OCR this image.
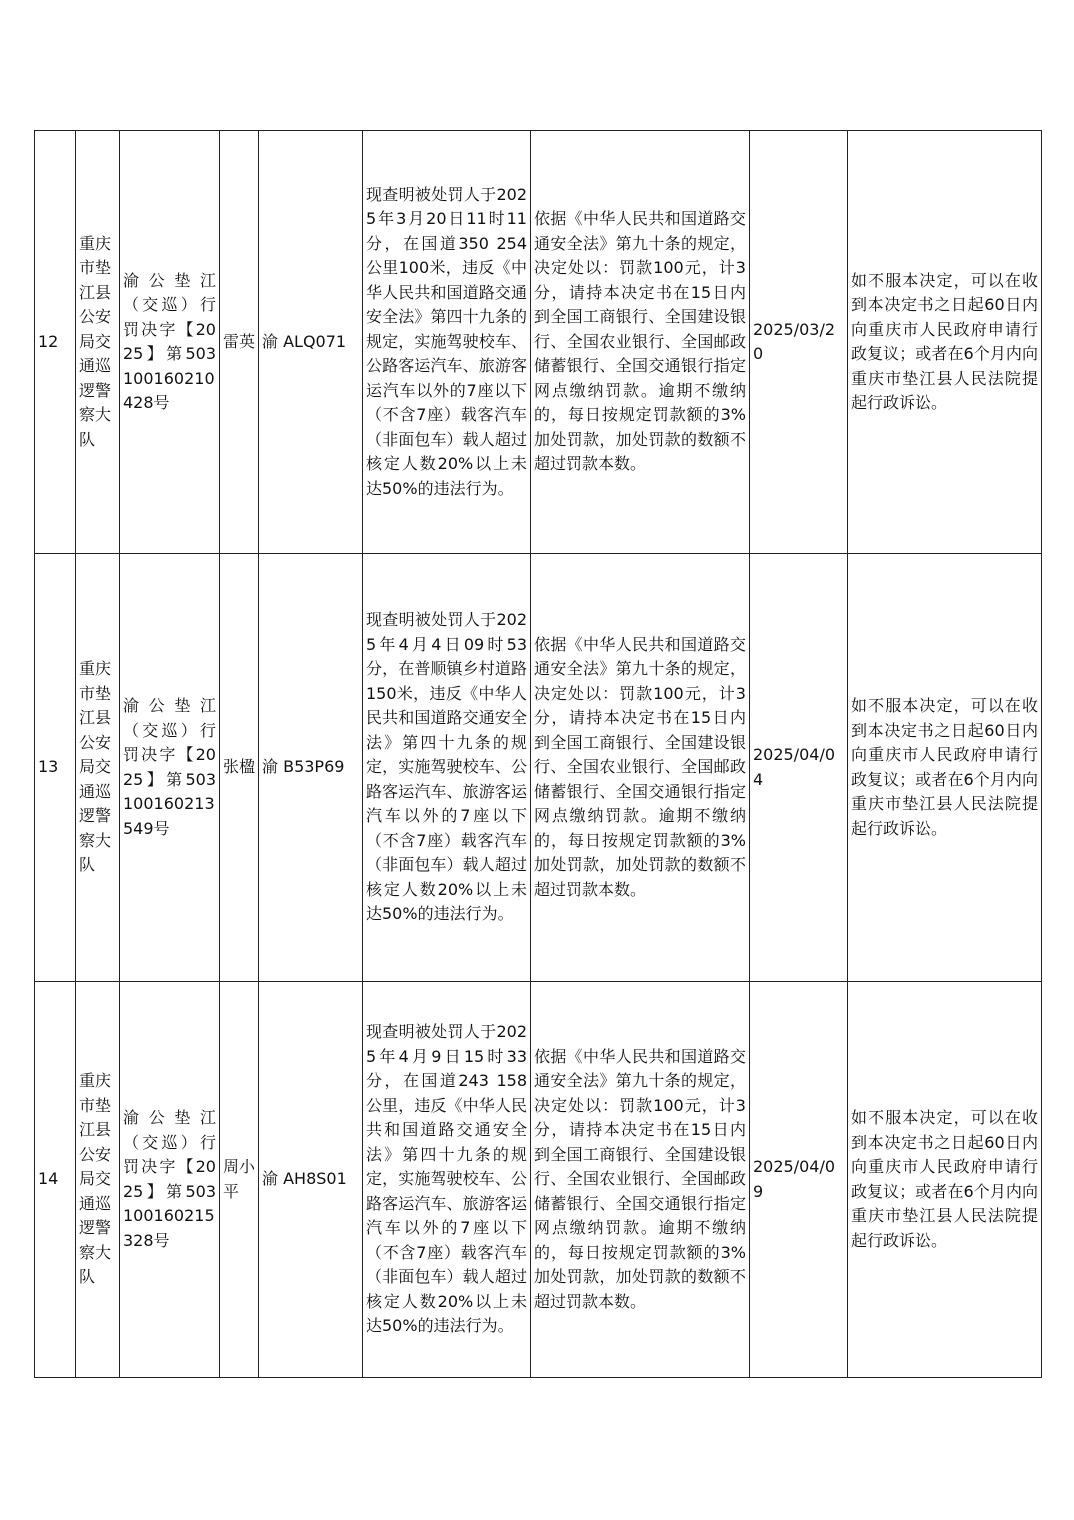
12	重庆市垫江县公安局交通巡逻警察大队	渝公垫江（交巡）行罚决字【2025】第503100160210428号	雷英	渝 ALQ071	现查明被处罚人于2025年3月20日11时11分，在国道350 254公里100米，违反《中华人民共和国道路交通安全法》第四十九条的规定，实施驾驶校车、公路客运汽车、旅游客运汽车以外的7座以下（不含7座）载客汽车（非面包车）载人超过核定人数20%以上未达50%的违法行为。	依据《中华人民共和国道路交通安全法》第九十条的规定，决定处以：罚款100元，计3分，请持本决定书在15日内到全国工商银行、全国建设银行、全国农业银行、全国邮政储蓄银行、全国交通银行指定网点缴纳罚款。逾期不缴纳的，每日按规定罚款额的3%加处罚款，加处罚款的数额不超过罚款本数。	2025/03/20	如不服本决定，可以在收到本决定书之日起60日内向重庆市人民政府申请行政复议；或者在6个月内向重庆市垫江县人民法院提起行政诉讼。
13	重庆市垫江县公安局交通巡逻警察大队	渝公垫江（交巡）行罚决字【2025】第503100160213549号	张楹	渝 B53P69	现查明被处罚人于2025年4月4日09时53分，在普顺镇乡村道路150米，违反《中华人民共和国道路交通安全法》第四十九条的规定，实施驾驶校车、公路客运汽车、旅游客运汽车以外的7座以下（不含7座）载客汽车（非面包车）载人超过核定人数20%以上未达50%的违法行为。	依据《中华人民共和国道路交通安全法》第九十条的规定，决定处以：罚款100元，计3分，请持本决定书在15日内到全国工商银行、全国建设银行、全国农业银行、全国邮政储蓄银行、全国交通银行指定网点缴纳罚款。逾期不缴纳的，每日按规定罚款额的3%加处罚款，加处罚款的数额不超过罚款本数。	2025/04/04	如不服本决定，可以在收到本决定书之日起60日内向重庆市人民政府申请行政复议；或者在6个月内向重庆市垫江县人民法院提起行政诉讼。
14	重庆市垫江县公安局交通巡逻警察大队	渝公垫江（交巡）行罚决字【2025】第503100160215328号	周小平	渝 AH8S01	现查明被处罚人于2025年4月9日15时33分，在国道243 158公里，违反《中华人民共和国道路交通安全法》第四十九条的规定，实施驾驶校车、公路客运汽车、旅游客运汽车以外的7座以下（不含7座）载客汽车（非面包车）载人超过核定人数20%以上未达50%的违法行为。	依据《中华人民共和国道路交通安全法》第九十条的规定，决定处以：罚款100元，计3分，请持本决定书在15日内到全国工商银行、全国建设银行、全国农业银行、全国邮政储蓄银行、全国交通银行指定网点缴纳罚款。逾期不缴纳的，每日按规定罚款额的3%加处罚款，加处罚款的数额不超过罚款本数。	2025/04/09	如不服本决定，可以在收到本决定书之日起60日内向重庆市人民政府申请行政复议；或者在6个月内向重庆市垫江县人民法院提起行政诉讼。
